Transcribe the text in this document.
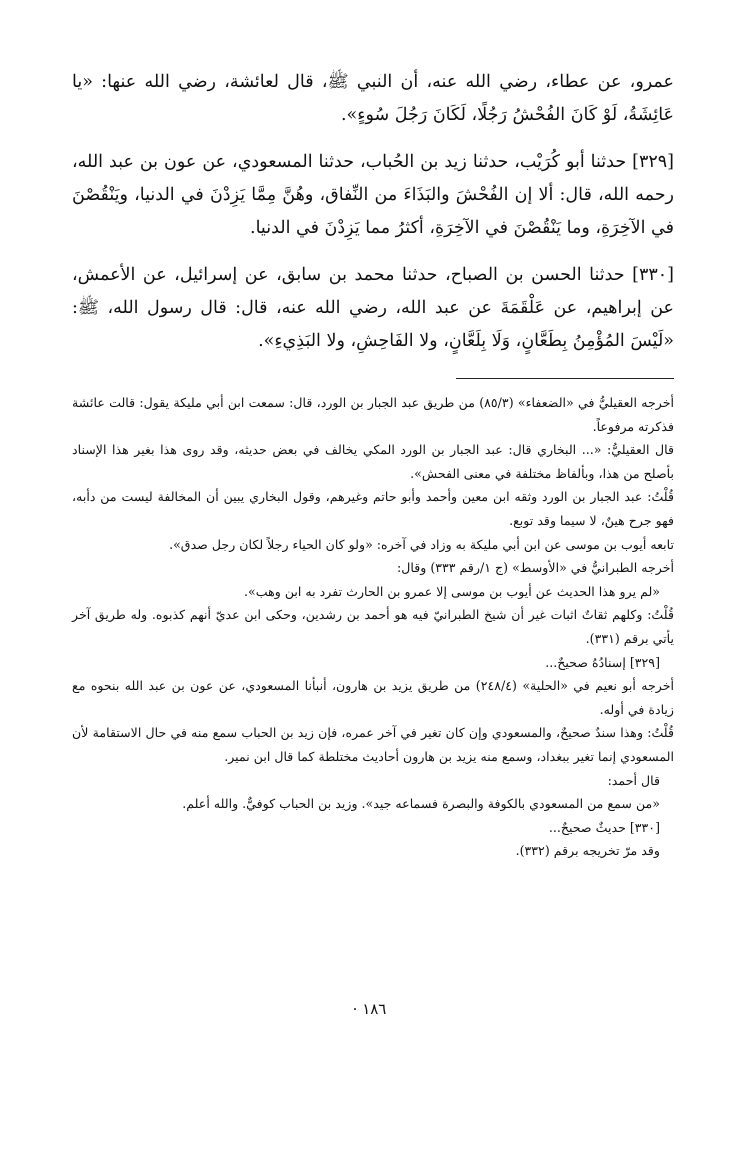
عمرو، عن عطاء، رضي الله عنه، أن النبي ﷺ، قال لعائشة، رضي الله عنها: «يا عَائِشَةُ، لَوْ كَانَ الفُحْشُ رَجُلًا، لَكَانَ رَجُلَ سُوءٍ».

[٣٢٩] حدثنا أبو كُرَيْب، حدثنا زيد بن الحُباب، حدثنا المسعودي، عن عون بن عبد الله، رحمه الله، قال: ألا إن الفُحْشَ والبَذَاءَ من النِّفاق، وهُنَّ مِمَّا يَزِدْنَ في الدنيا، ويَنْقُصْنَ في الآخِرَةِ، وما يَنْقُصْنَ في الآخِرَةِ، أكثرُ مما يَزِدْنَ في الدنيا.

[٣٣٠] حدثنا الحسن بن الصباح، حدثنا محمد بن سابق، عن إسرائيل، عن الأعمش، عن إبراهيم، عن عَلْقَمَةَ عن عبد الله، رضي الله عنه، قال: قال رسول الله، ﷺ: «لَيْسَ المُؤْمِنُ بِطَعَّانٍ، وَلَا بِلَعَّانٍ، ولا الفَاحِشِ، ولا البَذِيءِ».

أخرجه العقيليُّ في «الضعفاء» (٨٥/٣) من طريق عبد الجبار بن الورد، قال: سمعت ابن أبي مليكة يقول: قالت عائشة فذكرته مرفوعاً.

قال العقيليُّ: «... البخاري قال: عبد الجبار بن الورد المكي يخالف في بعض حديثه، وقد روى هذا بغير هذا الإسناد بأصلح من هذا، وبألفاظ مختلفة في معنى الفحش».

قُلْتُ: عبد الجبار بن الورد وثقه ابن معين وأحمد وأبو حاتم وغيرهم، وقول البخاري يبين أن المخالفة ليست من دأبه، فهو جرح هينٌ، لا سيما وقد توبع.

تابعه أيوب بن موسى عن ابن أبي مليكة به وزاد في آخره: «ولو كان الحياء رجلاً لكان رجل صدق».

أخرجه الطبرانيُّ في «الأوسط» (ج ١/رقم ٣٣٣) وقال:

«لم يرو هذا الحديث عن أيوب بن موسى إلا عمرو بن الحارث تفرد به ابن وهب».

قُلْتُ: وكلهم ثقاتٌ اثبات غير أن شيخ الطبرانيّ فيه هو أحمد بن رشدين، وحكى ابن عديّ أنهم كذبوه. وله طريق آخر يأتي برقم (٣٣١).

[٣٢٩] إسنادُهُ صحيحٌ...

أخرجه أبو نعيم في «الحلية» (٢٤٨/٤) من طريق يزيد بن هارون، أنبأنا المسعودي، عن عون بن عبد الله بنحوه مع زيادة في أوله.

قُلْتُ: وهذا سندٌ صحيحٌ، والمسعودي وإن كان تغير في آخر عمره، فإن زيد بن الحباب سمع منه في حال الاستقامة لأن المسعودي إنما تغير ببغداد، وسمع منه يزيد بن هارون أحاديث مختلطة كما قال ابن نمير.

قال أحمد:

«من سمع من المسعودي بالكوفة والبصرة فسماعه جيد». وزيد بن الحباب كوفيٌّ. والله أعلم.

[٣٣٠] حديثٌ صحيحٌ...

وقد مرّ تخريجه برقم (٣٣٢).

١٨٦ ·
